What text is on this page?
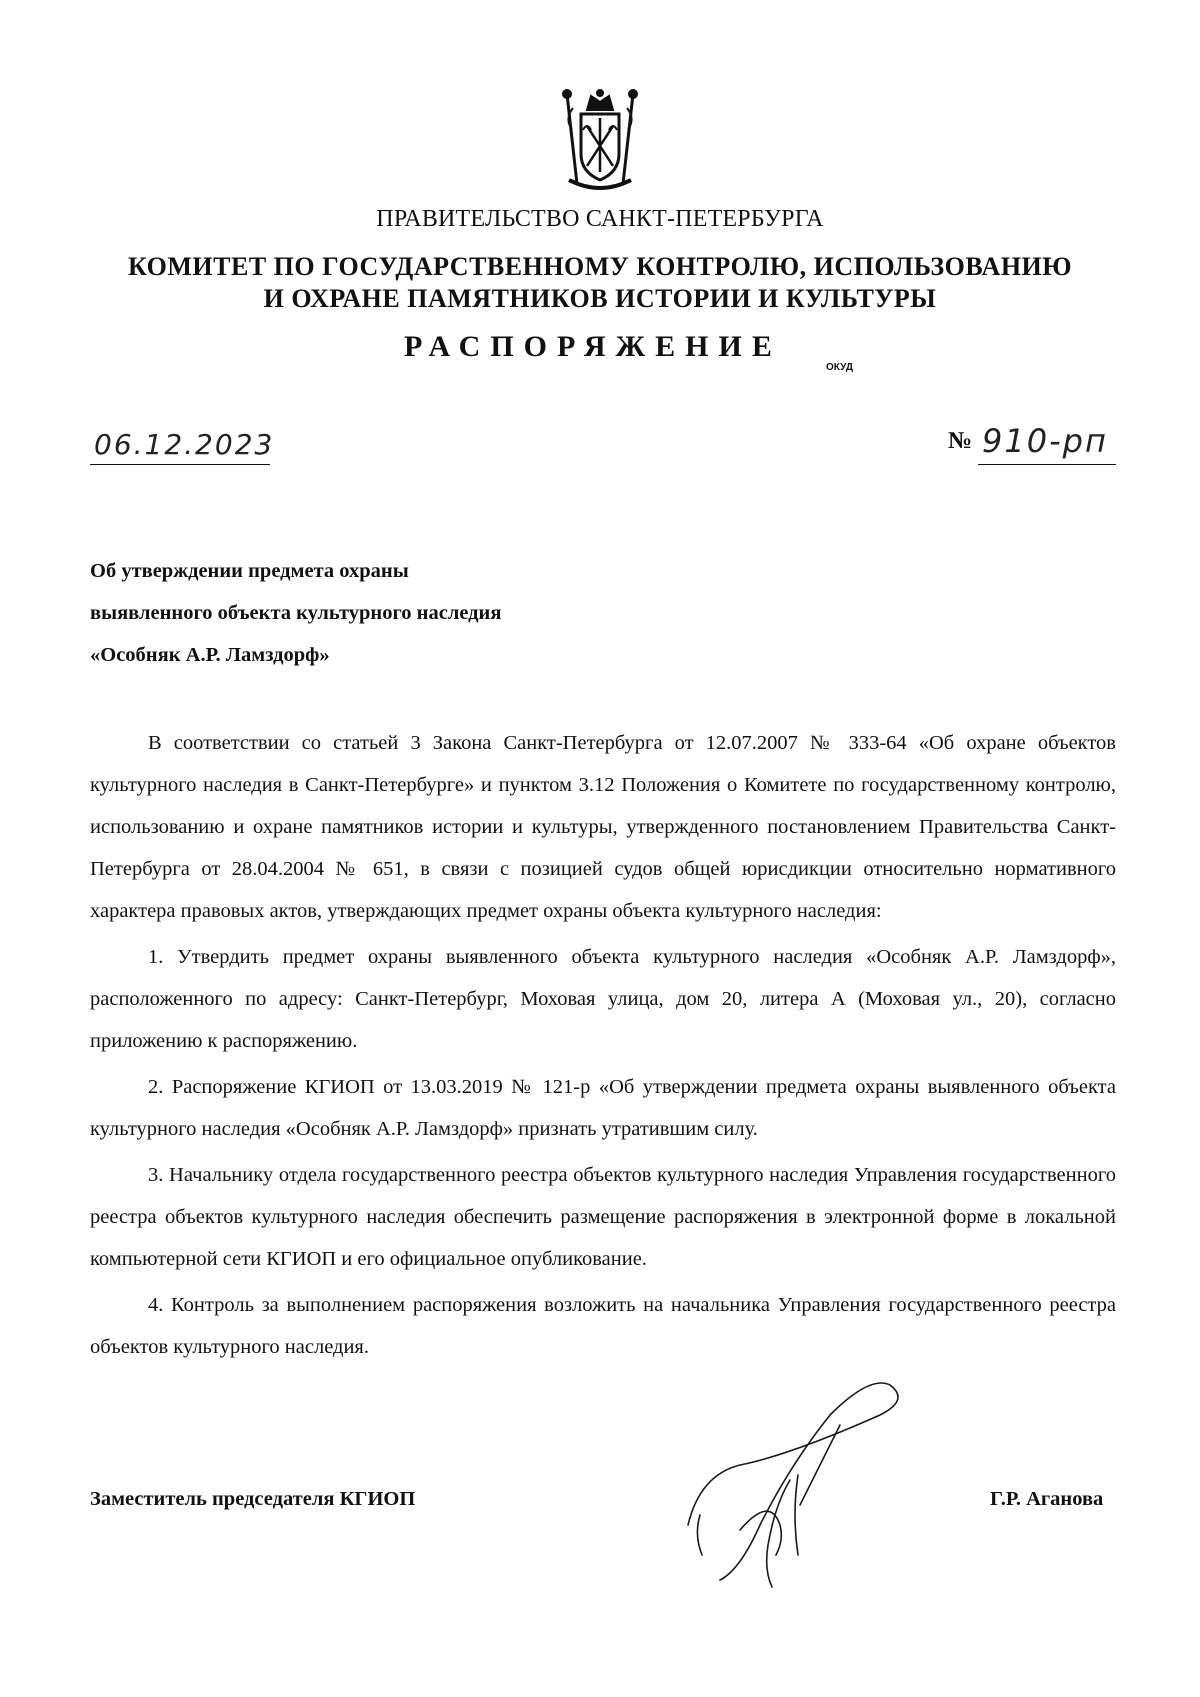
ПРАВИТЕЛЬСТВО САНКТ-ПЕТЕРБУРГА
КОМИТЕТ ПО ГОСУДАРСТВЕННОМУ КОНТРОЛЮ, ИСПОЛЬЗОВАНИЮ
И ОХРАНЕ ПАМЯТНИКОВ ИСТОРИИ И КУЛЬТУРЫ
РАСПОРЯЖЕНИЕ
ОКУД
06.12.2023	№ 910-рп
Об утверждении предмета охраны
выявленного объекта культурного наследия
«Особняк А.Р. Ламздорф»

В соответствии со статьей 3 Закона Санкт-Петербурга от 12.07.2007 № 333-64 «Об охране объектов культурного наследия в Санкт-Петербурге» и пунктом 3.12 Положения о Комитете по государственному контролю, использованию и охране памятников истории и культуры, утвержденного постановлением Правительства Санкт-Петербурга от 28.04.2004 № 651, в связи с позицией судов общей юрисдикции относительно нормативного характера правовых актов, утверждающих предмет охраны объекта культурного наследия:

1. Утвердить предмет охраны выявленного объекта культурного наследия «Особняк А.Р. Ламздорф», расположенного по адресу: Санкт-Петербург, Моховая улица, дом 20, литера А (Моховая ул., 20), согласно приложению к распоряжению.

2. Распоряжение КГИОП от 13.03.2019 № 121-р «Об утверждении предмета охраны выявленного объекта культурного наследия «Особняк А.Р. Ламздорф» признать утратившим силу.

3. Начальнику отдела государственного реестра объектов культурного наследия Управления государственного реестра объектов культурного наследия обеспечить размещение распоряжения в электронной форме в локальной компьютерной сети КГИОП и его официальное опубликование.

4. Контроль за выполнением распоряжения возложить на начальника Управления государственного реестра объектов культурного наследия.

Заместитель председателя КГИОП	Г.Р. Аганова
